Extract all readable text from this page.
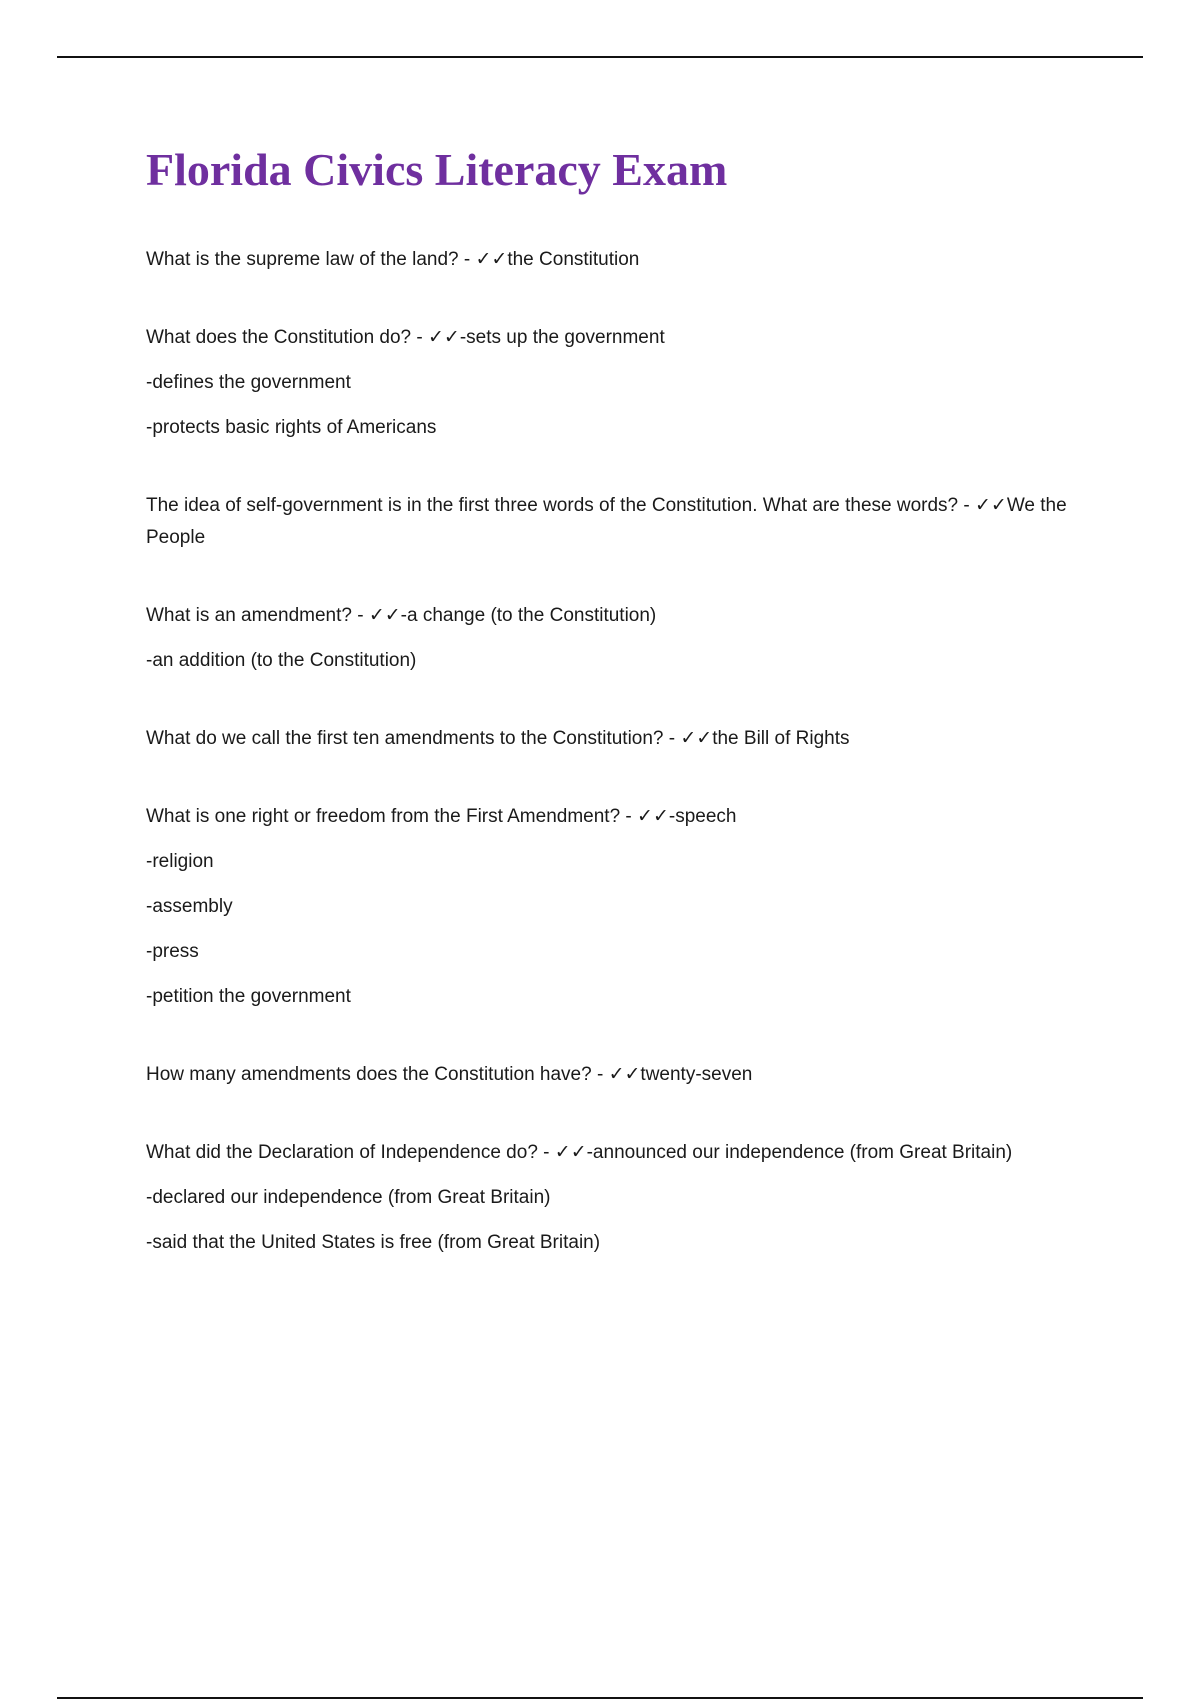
Florida Civics Literacy Exam
What is the supreme law of the land? - ✓✓the Constitution
What does the Constitution do? - ✓✓-sets up the government
-defines the government
-protects basic rights of Americans
The idea of self-government is in the first three words of the Constitution. What are these words? - ✓✓We the People
What is an amendment? - ✓✓-a change (to the Constitution)
-an addition (to the Constitution)
What do we call the first ten amendments to the Constitution? - ✓✓the Bill of Rights
What is one right or freedom from the First Amendment? - ✓✓-speech
-religion
-assembly
-press
-petition the government
How many amendments does the Constitution have? - ✓✓twenty-seven
What did the Declaration of Independence do? - ✓✓-announced our independence (from Great Britain)
-declared our independence (from Great Britain)
-said that the United States is free (from Great Britain)
